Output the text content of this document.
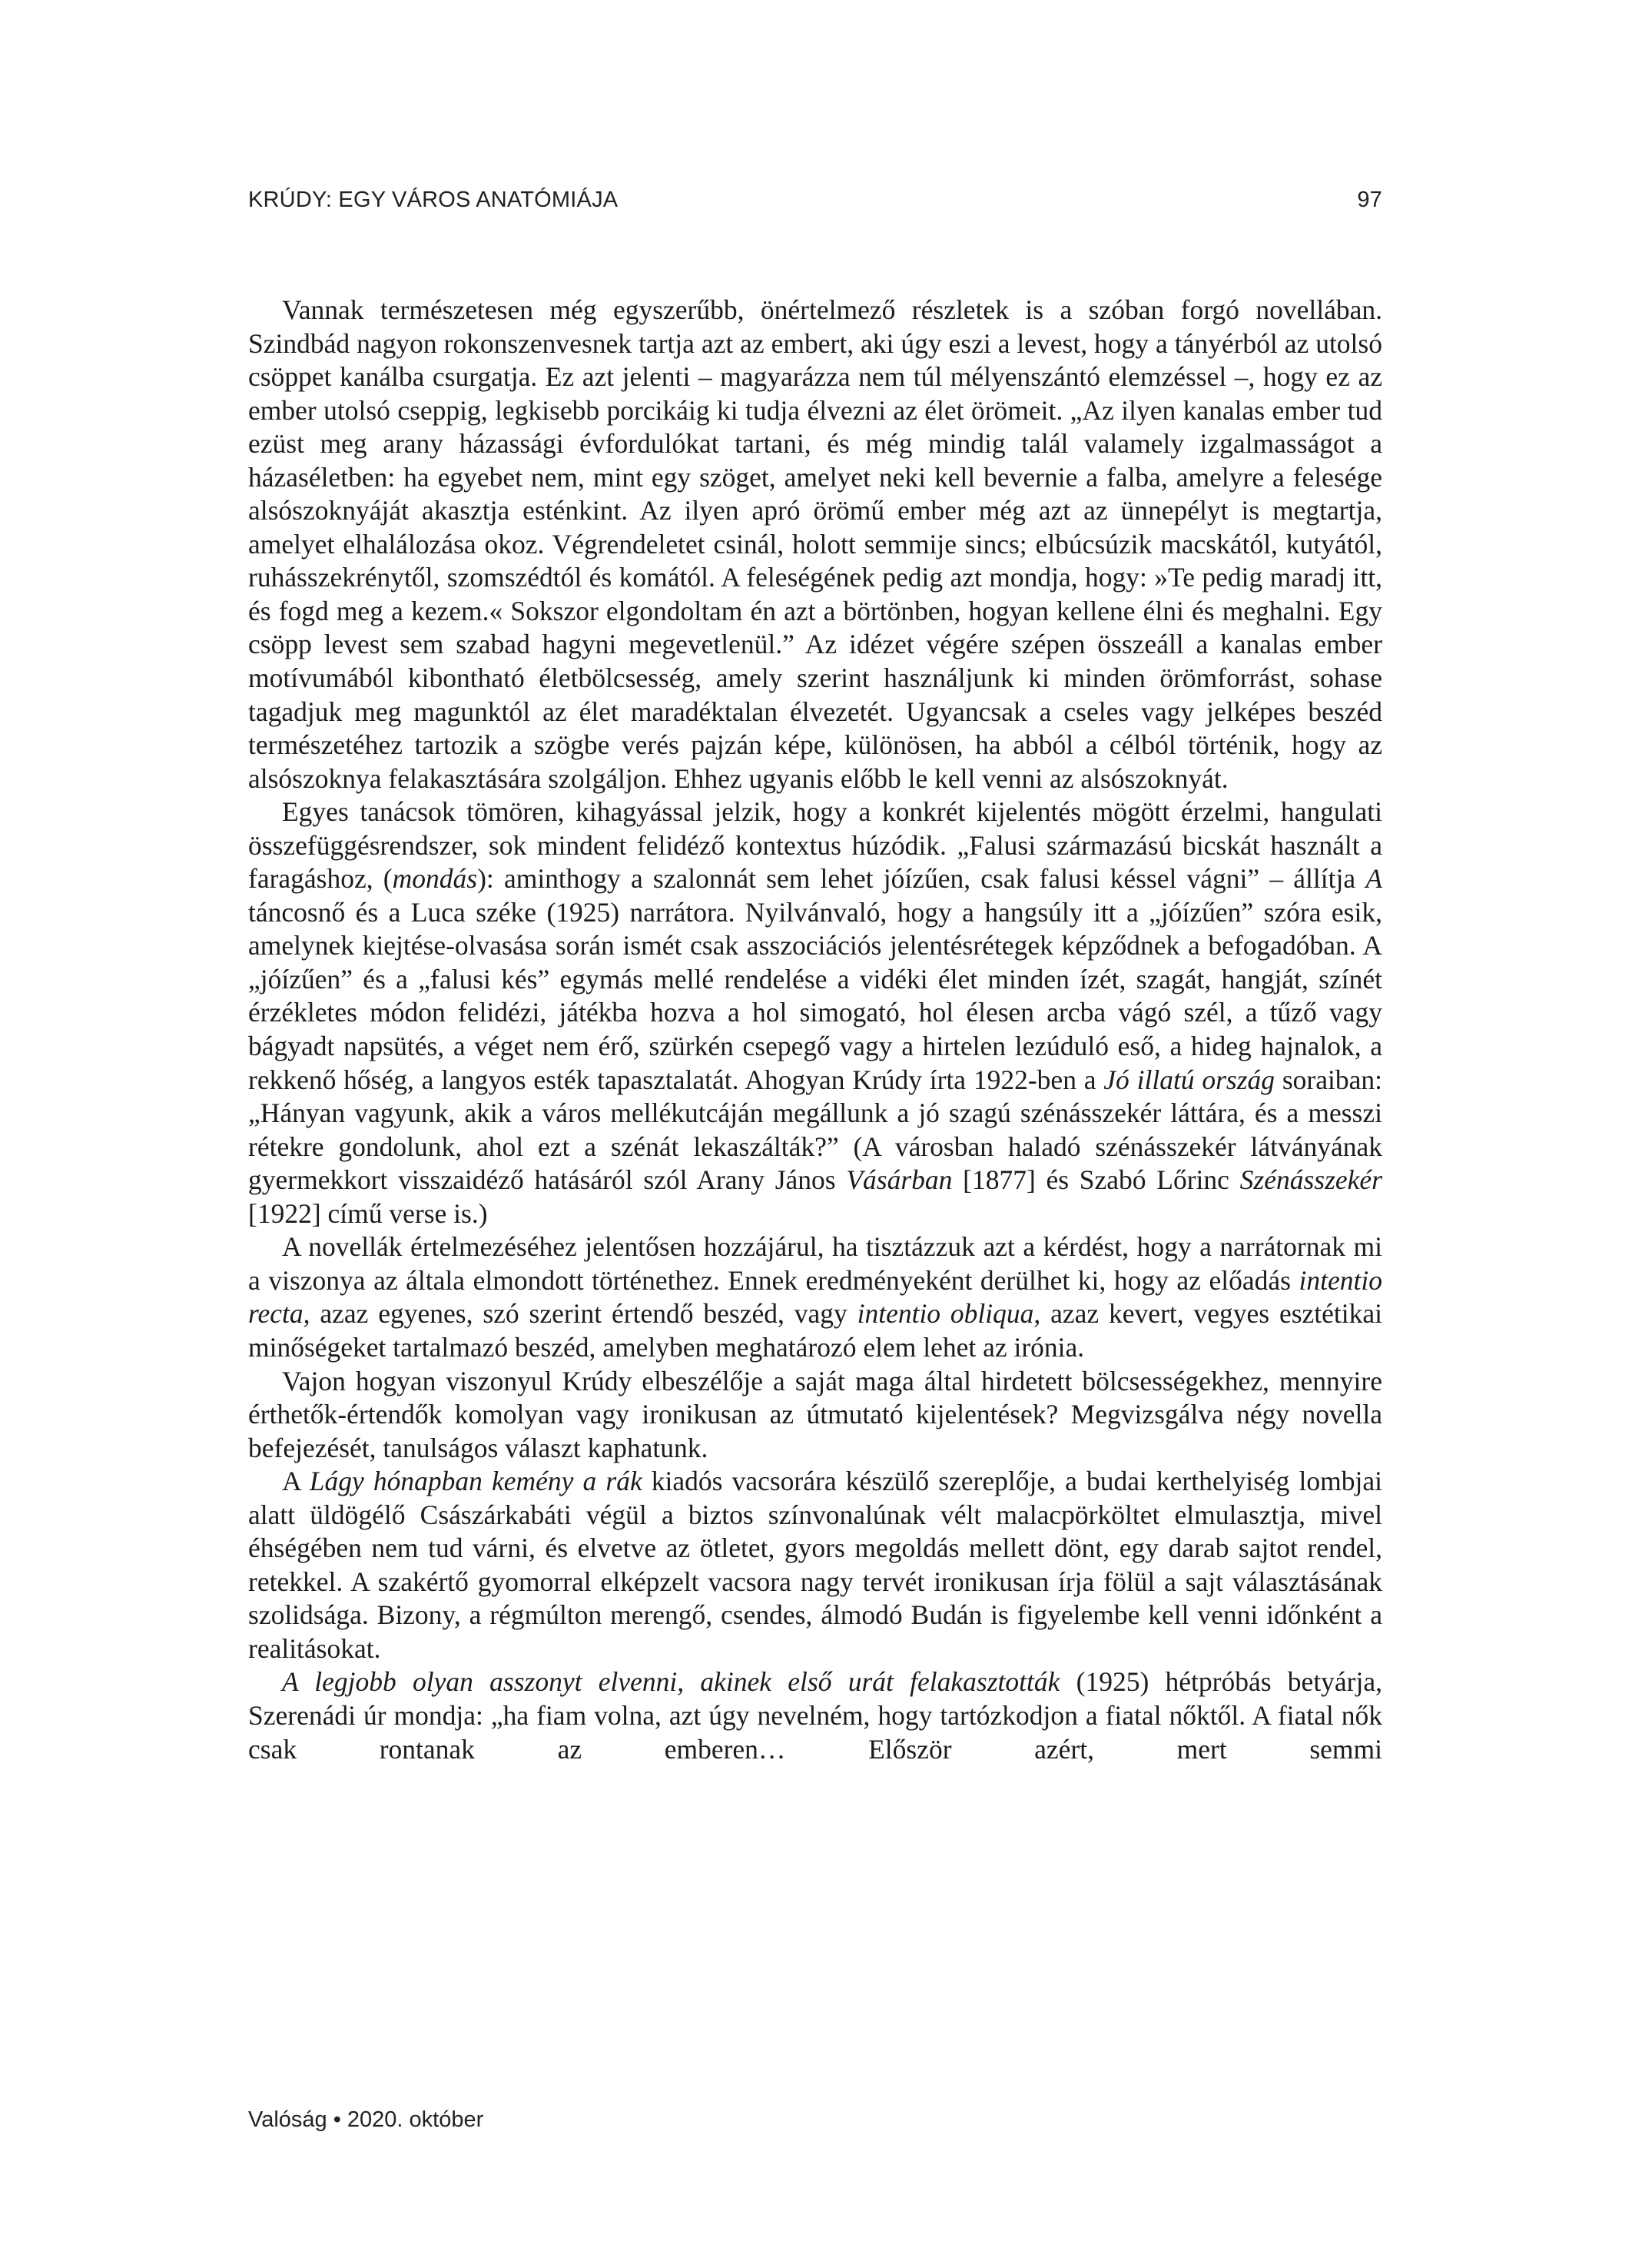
KRÚDY: EGY VÁROS ANATÓMIÁJA	97

Vannak természetesen még egyszerűbb, önértelmező részletek is a szóban forgó novellában. Szindbád nagyon rokonszenvesnek tartja azt az embert, aki úgy eszi a levest, hogy a tányérból az utolsó csöppet kanálba csurgatja. Ez azt jelenti – magyarázza nem túl mélyenszántó elemzéssel –, hogy ez az ember utolsó cseppig, legkisebb porcikáig ki tudja élvezni az élet örömeit. „Az ilyen kanalas ember tud ezüst meg arany házassági évfordulókat tartani, és még mindig talál valamely izgalmasságot a házaséletben: ha egyebet nem, mint egy szöget, amelyet neki kell bevernie a falba, amelyre a felesége alsószoknyáját akasztja esténkint. Az ilyen apró örömű ember még azt az ünnepélyt is megtartja, amelyet elhalálozása okoz. Végrendeletet csinál, holott semmije sincs; elbúcsúzik macskától, kutyától, ruhásszekrénytől, szomszédtól és komától. A feleségének pedig azt mondja, hogy: »Te pedig maradj itt, és fogd meg a kezem.« Sokszor elgondoltam én azt a börtönben, hogyan kellene élni és meghalni. Egy csöpp levest sem szabad hagyni megevetlenül.” Az idézet végére szépen összeáll a kanalas ember motívumából kibontható életbölcsesség, amely szerint használjunk ki minden örömforrást, sohase tagadjuk meg magunktól az élet maradéktalan élvezetét. Ugyancsak a cseles vagy jelképes beszéd természetéhez tartozik a szögbe verés pajzán képe, különösen, ha abból a célból történik, hogy az alsószoknya felakasztására szolgáljon. Ehhez ugyanis előbb le kell venni az alsószoknyát.

Egyes tanácsok tömören, kihagyással jelzik, hogy a konkrét kijelentés mögött érzelmi, hangulati összefüggésrendszer, sok mindent felidéző kontextus húzódik. „Falusi származású bicskát használt a faragáshoz, (mondás): aminthogy a szalonnát sem lehet jóízűen, csak falusi késsel vágni” – állítja A táncosnő és a Luca széke (1925) narrátora. Nyilvánvaló, hogy a hangsúly itt a „jóízűen” szóra esik, amelynek kiejtése-olvasása során ismét csak asszociációs jelentésrétegek képződnek a befogadóban. A „jóízűen” és a „falusi kés” egymás mellé rendelése a vidéki élet minden ízét, szagát, hangját, színét érzékletes módon felidézi, játékba hozva a hol simogató, hol élesen arcba vágó szél, a tűző vagy bágyadt napsütés, a véget nem érő, szürkén csepegő vagy a hirtelen lezúduló eső, a hideg hajnalok, a rekkenő hőség, a langyos esték tapasztalatát. Ahogyan Krúdy írta 1922-ben a Jó illatú ország soraiban: „Hányan vagyunk, akik a város mellékutcáján megállunk a jó szagú szénásszekér láttára, és a messzi rétekre gondolunk, ahol ezt a szénát lekaszálták?” (A városban haladó szénásszekér látványának gyermekkort visszaidéző hatásáról szól Arany János Vásárban [1877] és Szabó Lőrinc Szénásszekér [1922] című verse is.)

A novellák értelmezéséhez jelentősen hozzájárul, ha tisztázzuk azt a kérdést, hogy a narrátornak mi a viszonya az általa elmondott történethez. Ennek eredményeként derülhet ki, hogy az előadás intentio recta, azaz egyenes, szó szerint értendő beszéd, vagy intentio obliqua, azaz kevert, vegyes esztétikai minőségeket tartalmazó beszéd, amelyben meghatározó elem lehet az irónia.

Vajon hogyan viszonyul Krúdy elbeszélője a saját maga által hirdetett bölcsességekhez, mennyire érthetők-értendők komolyan vagy ironikusan az útmutató kijelentések? Megvizsgálva négy novella befejezését, tanulságos választ kaphatunk.

A Lágy hónapban kemény a rák kiadós vacsorára készülő szereplője, a budai kerthelyiség lombjai alatt üldögélő Császárkabáti végül a biztos színvonalúnak vélt malacpörköltet elmulasztja, mivel éhségében nem tud várni, és elvetve az ötletet, gyors megoldás mellett dönt, egy darab sajtot rendel, retekkel. A szakértő gyomorral elképzelt vacsora nagy tervét ironikusan írja fölül a sajt választásának szolidsága. Bizony, a régmúlton merengő, csendes, álmodó Budán is figyelembe kell venni időnként a realitásokat.

A legjobb olyan asszonyt elvenni, akinek első urát felakasztották (1925) hétpróbás betyárja, Szerenádi úr mondja: „ha fiam volna, azt úgy nevelném, hogy tartózkodjon a fiatal nőktől. A fiatal nők csak rontanak az emberen… Először azért, mert semmi

Valóság • 2020. október
